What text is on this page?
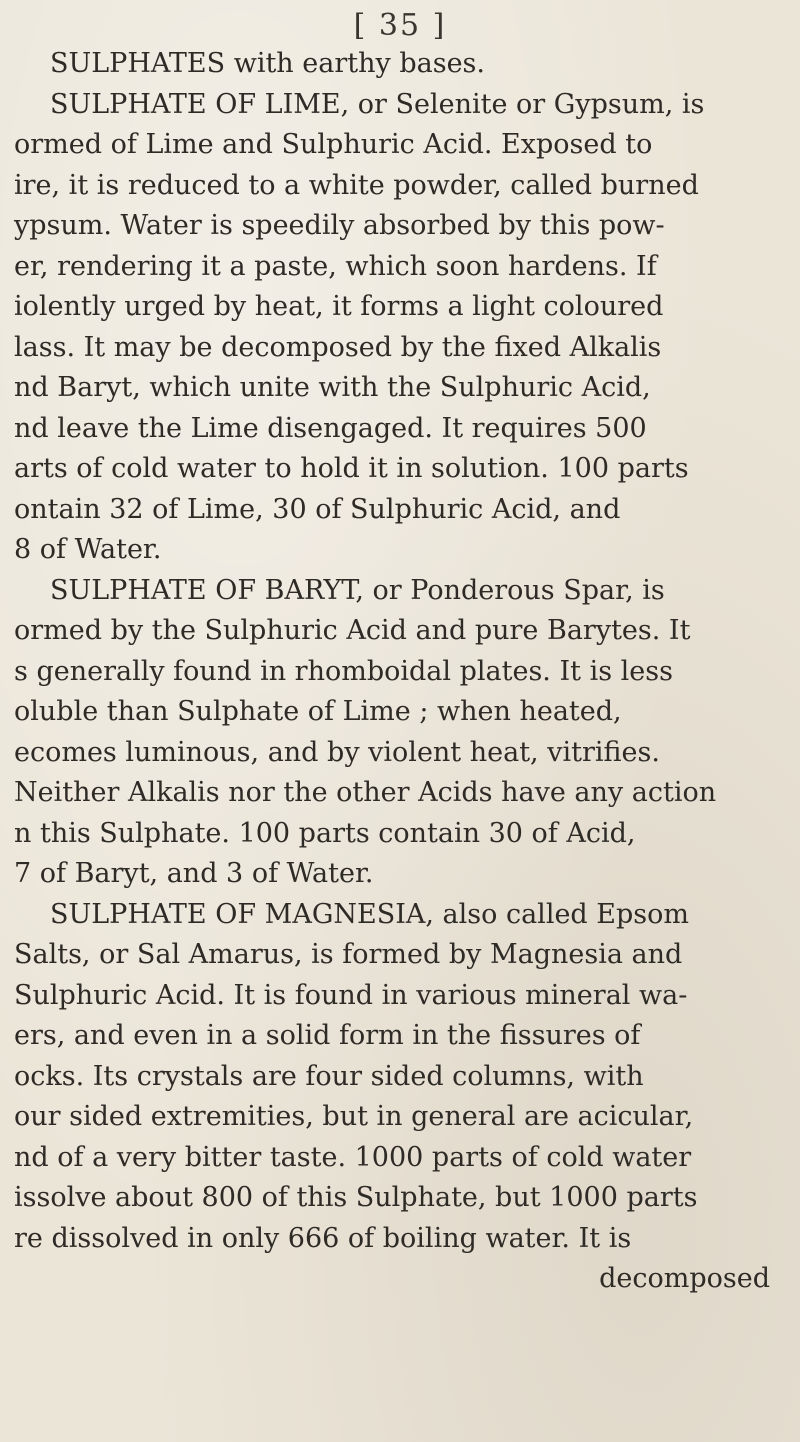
[ 35 ]
SULPHATES with earthy bases.
SULPHATE OF LIME, or Selenite or Gypsum, is
ormed of Lime and Sulphuric Acid. Exposed to
ire, it is reduced to a white powder, called burned
ypsum. Water is speedily absorbed by this pow-
er, rendering it a paste, which soon hardens. If
iolently urged by heat, it forms a light coloured
lass. It may be decomposed by the fixed Alkalis
nd Baryt, which unite with the Sulphuric Acid,
nd leave the Lime disengaged. It requires 500
arts of cold water to hold it in solution. 100 parts
ontain 32 of Lime, 30 of Sulphuric Acid, and
8 of Water.
SULPHATE OF BARYT, or Ponderous Spar, is
ormed by the Sulphuric Acid and pure Barytes. It
s generally found in rhomboidal plates. It is less
oluble than Sulphate of Lime ; when heated,
ecomes luminous, and by violent heat, vitrifies.
Neither Alkalis nor the other Acids have any action
n this Sulphate. 100 parts contain 30 of Acid,
7 of Baryt, and 3 of Water.
SULPHATE OF MAGNESIA, also called Epsom
Salts, or Sal Amarus, is formed by Magnesia and
Sulphuric Acid. It is found in various mineral wa-
ers, and even in a solid form in the fissures of
ocks. Its crystals are four sided columns, with
our sided extremities, but in general are acicular,
nd of a very bitter taste. 1000 parts of cold water
issolve about 800 of this Sulphate, but 1000 parts
re dissolved in only 666 of boiling water. It is
decomposed
